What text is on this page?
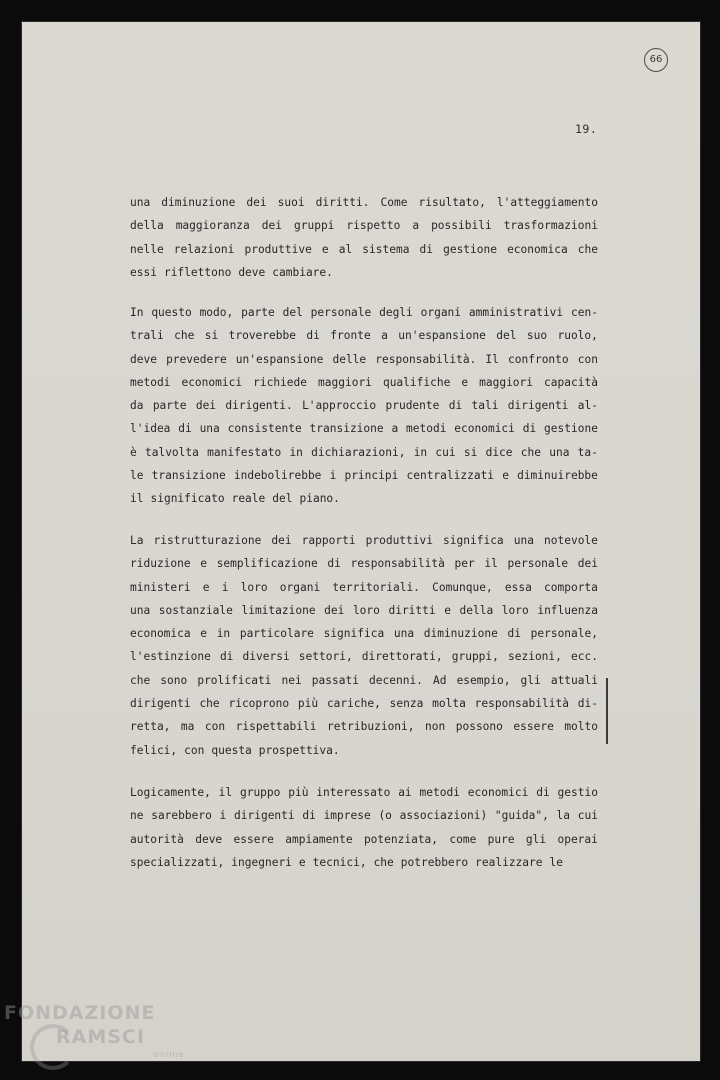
66
19.
una diminuzione dei suoi diritti. Come risultato, l'atteggiamento
della maggioranza dei gruppi rispetto a possibili trasformazioni
nelle relazioni produttive e al sistema di gestione economica che
essi riflettono deve cambiare.
In questo modo, parte del personale degli organi amministrativi cen-
trali che si troverebbe di fronte a un'espansione del suo ruolo,
deve prevedere un'espansione delle responsabilità. Il confronto con
metodi economici richiede maggiori qualifiche e maggiori capacità
da parte dei dirigenti. L'approccio prudente di tali dirigenti al-
l'idea di una consistente transizione a metodi economici di gestione
è talvolta manifestato in dichiarazioni, in cui si dice che una ta-
le transizione indebolirebbe i principi centralizzati e diminuirebbe
il significato reale del piano.
La ristrutturazione dei rapporti produttivi significa una notevole
riduzione e semplificazione di responsabilità per il personale dei
ministeri e i loro organi territoriali. Comunque, essa comporta
una sostanziale limitazione dei loro diritti e della loro influenza
economica e in particolare significa una diminuzione di personale,
l'estinzione di diversi settori, direttorati, gruppi, sezioni, ecc.
che sono prolificati nei passati decenni. Ad esempio, gli attuali
dirigenti che ricoprono più cariche, senza molta responsabilità di-
retta, ma con rispettabili retribuzioni, non possono essere molto
felici, con questa prospettiva.
Logicamente, il gruppo più interessato ai metodi economici di gestio
ne sarebbero i dirigenti di imprese (o associazioni) "guida", la cui
autorità deve essere ampiamente potenziata, come pure gli operai
specializzati, ingegneri e tecnici, che potrebbero realizzare le
FONDAZIONE
RAMSCI
online
